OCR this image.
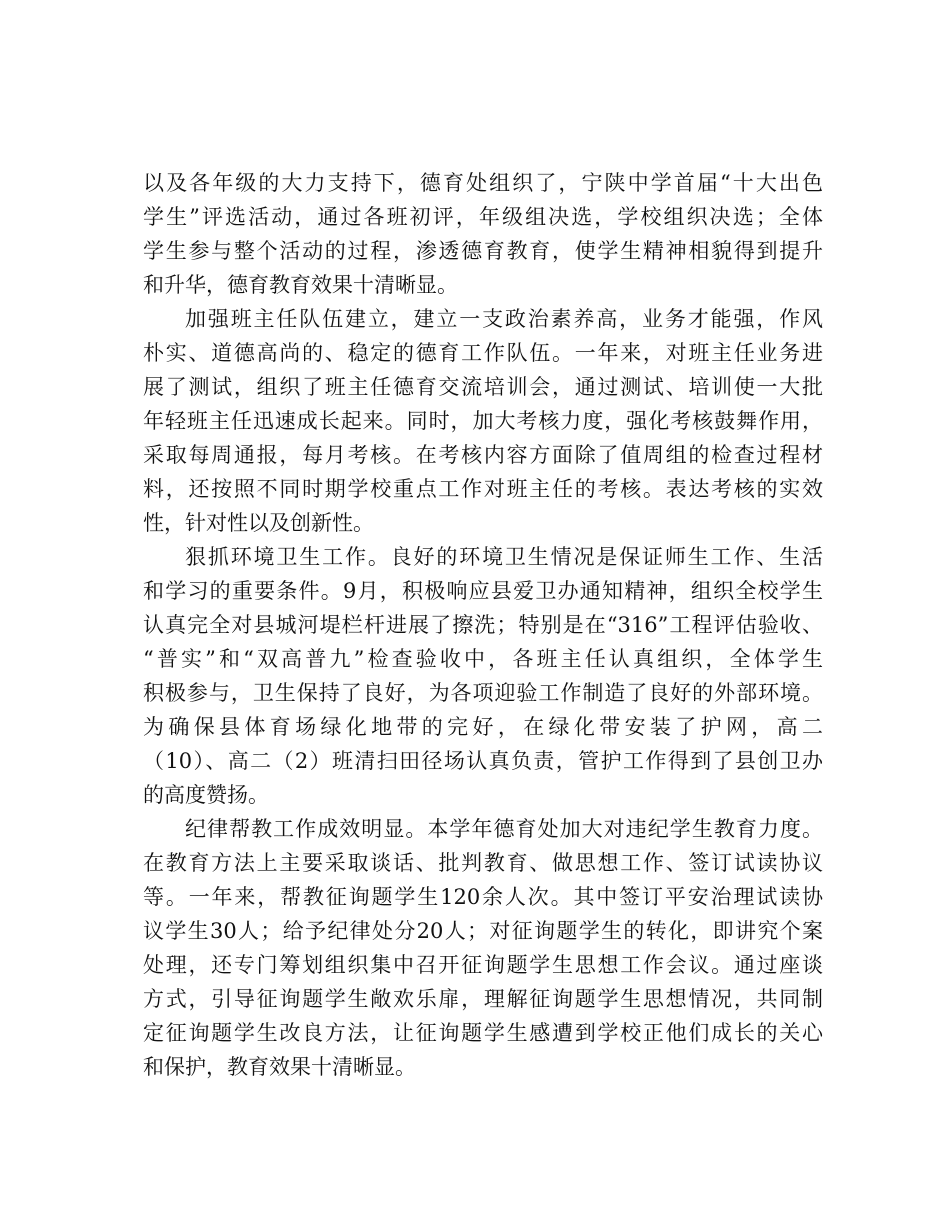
以及各年级的大力支持下，德育处组织了，宁陕中学首届“十大出色
学生”评选活动，通过各班初评，年级组决选，学校组织决选；全体
学生参与整个活动的过程，渗透德育教育，使学生精神相貌得到提升
和升华，德育教育效果十清晰显。
加强班主任队伍建立，建立一支政治素养高，业务才能强，作风
朴实、道德高尚的、稳定的德育工作队伍。一年来，对班主任业务进
展了测试，组织了班主任德育交流培训会，通过测试、培训使一大批
年轻班主任迅速成长起来。同时，加大考核力度，强化考核鼓舞作用，
采取每周通报，每月考核。在考核内容方面除了值周组的检查过程材
料，还按照不同时期学校重点工作对班主任的考核。表达考核的实效
性，针对性以及创新性。
狠抓环境卫生工作。良好的环境卫生情况是保证师生工作、生活
和学习的重要条件。9月，积极响应县爱卫办通知精神，组织全校学生
认真完全对县城河堤栏杆进展了擦洗；特别是在“316”工程评估验收、
“普实”和“双高普九”检查验收中，各班主任认真组织，全体学生
积极参与，卫生保持了良好，为各项迎验工作制造了良好的外部环境。
为确保县体育场绿化地带的完好，在绿化带安装了护网，高二
（10）、高二（2）班清扫田径场认真负责，管护工作得到了县创卫办
的高度赞扬。
纪律帮教工作成效明显。本学年德育处加大对违纪学生教育力度。
在教育方法上主要采取谈话、批判教育、做思想工作、签订试读协议
等。一年来，帮教征询题学生120余人次。其中签订平安治理试读协
议学生30人；给予纪律处分20人；对征询题学生的转化，即讲究个案
处理，还专门筹划组织集中召开征询题学生思想工作会议。通过座谈
方式，引导征询题学生敞欢乐扉，理解征询题学生思想情况，共同制
定征询题学生改良方法，让征询题学生感遭到学校正他们成长的关心
和保护，教育效果十清晰显。
